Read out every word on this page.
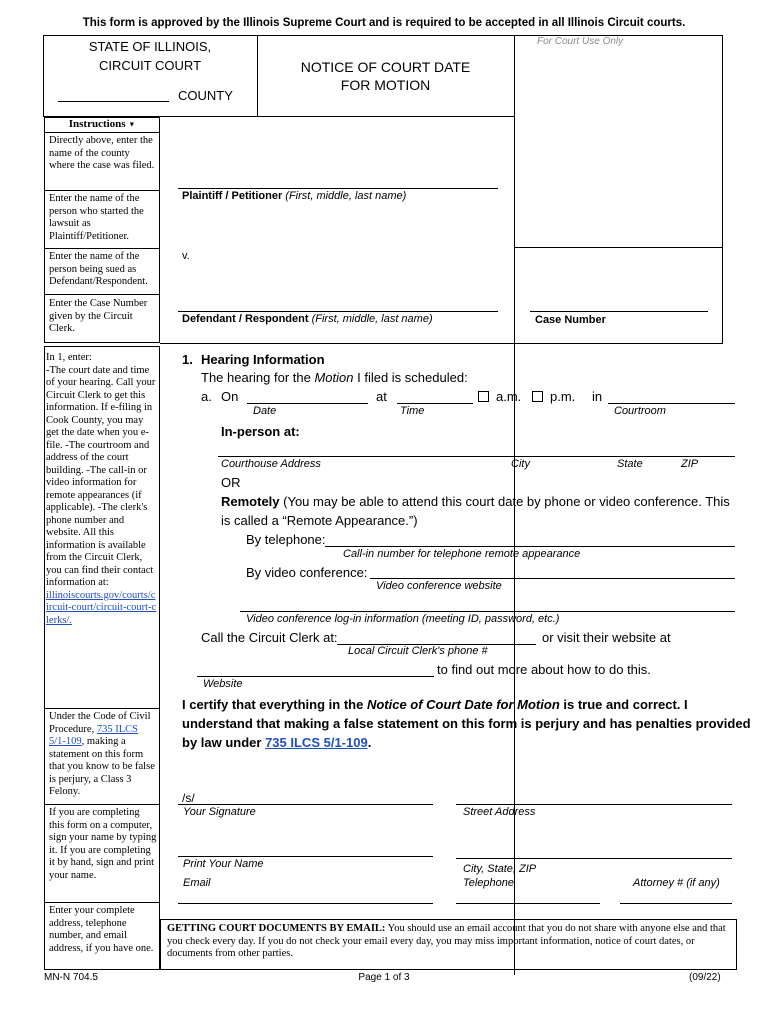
This form is approved by the Illinois Supreme Court and is required to be accepted in all Illinois Circuit courts.
STATE OF ILLINOIS,
CIRCUIT COURT
COUNTY
NOTICE OF COURT DATE
FOR MOTION
For Court Use Only
Instructions ▼
Directly above, enter the name of the county where the case was filed.
Enter the name of the person who started the lawsuit as Plaintiff/Petitioner.
Enter the name of the person being sued as Defendant/Respondent.
Enter the Case Number given by the Circuit Clerk.
Plaintiff / Petitioner (First, middle, last name)
v.
Defendant / Respondent (First, middle, last name)	Case Number
In 1, enter:
-The court date and time of your hearing. Call your Circuit Clerk to get this information. If e-filing in Cook County, you may get the date when you e-file. -The courtroom and address of the court building. -The call-in or video information for remote appearances (if applicable). -The clerk's phone number and website. All this information is available from the Circuit Clerk, you can find their contact information at:
illinoiscourts.gov/courts/circuit-court/circuit-court-clerks/.
Under the Code of Civil Procedure, 735 ILCS 5/1-109, making a statement on this form that you know to be false is perjury, a Class 3 Felony.
If you are completing this form on a computer, sign your name by typing it. If you are completing it by hand, sign and print your name.
Enter your complete address, telephone number, and email address, if you have one.
1. Hearing Information
The hearing for the Motion I filed is scheduled:
a. On	at	a.m. p.m. in
Date	Time	Courtroom
In-person at:
Courthouse Address	City	State	ZIP
OR
Remotely (You may be able to attend this court date by phone or video conference. This
is called a “Remote Appearance.”)
By telephone:
Call-in number for telephone remote appearance
By video conference:
Video conference website
Video conference log-in information (meeting ID, password, etc.)
Call the Circuit Clerk at:	or visit their website at
Local Circuit Clerk's phone #
to find out more about how to do this.
Website
I certify that everything in the Notice of Court Date for Motion is true and correct. I
understand that making a false statement on this form is perjury and has penalties provided
by law under 735 ILCS 5/1-109.
/s/
Your Signature	Street Address
Print Your Name	City, State, ZIP
Email	Telephone	Attorney # (if any)
GETTING COURT DOCUMENTS BY EMAIL: You should use an email account that you do not share with anyone else and that you check every day. If you do not check your email every day, you may miss important information, notice of court dates, or documents from other parties.
MN-N 704.5	Page 1 of 3	(09/22)
